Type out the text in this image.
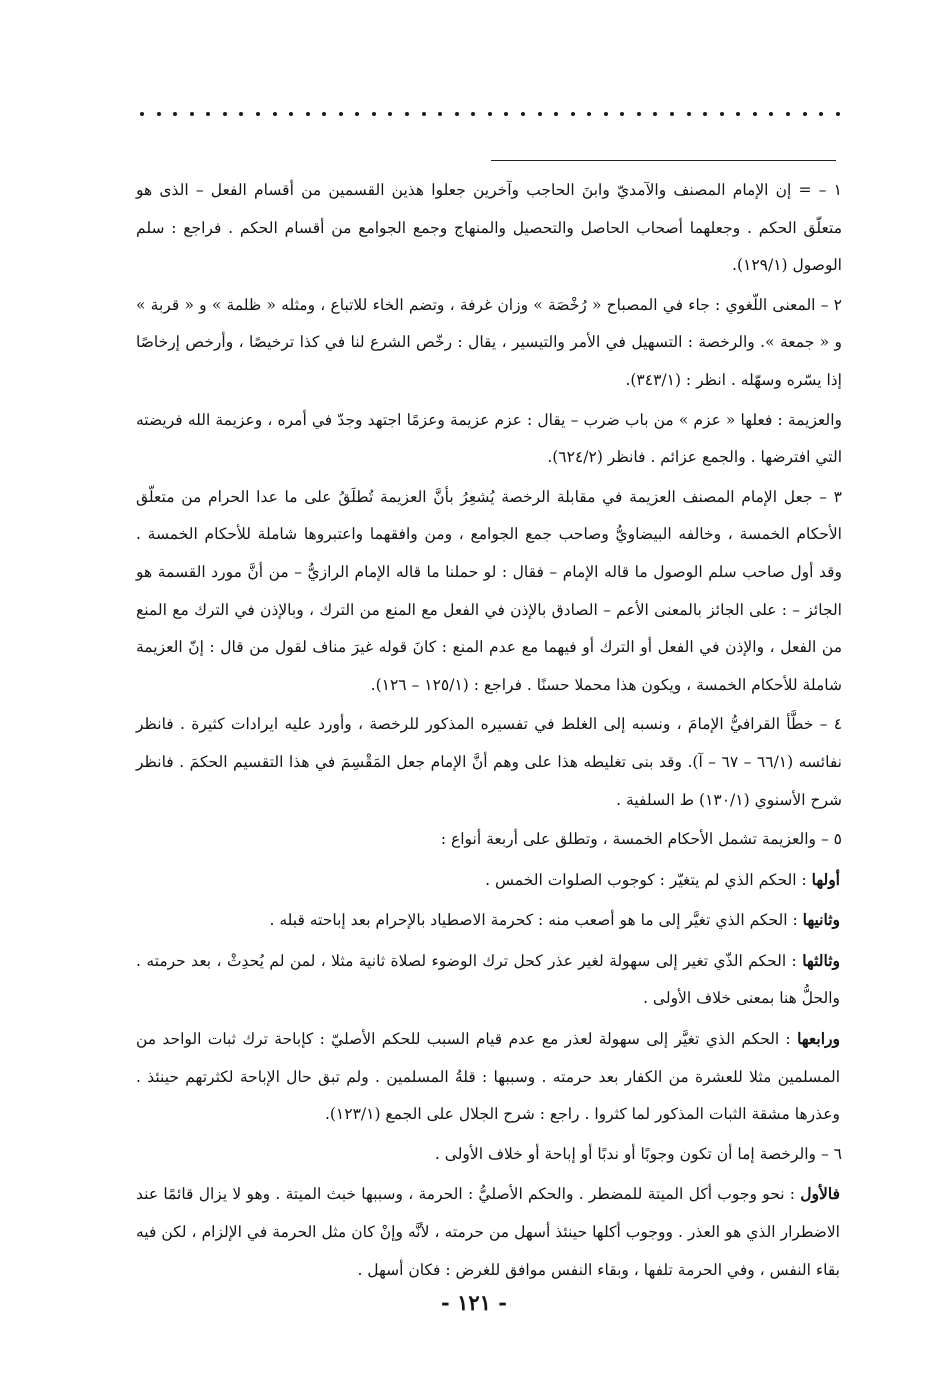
١ – = إن الإمام المصنف والآمديّ وابنَ الحاجب وآخرين جعلوا هذين القسمين من أقسام الفعل – الذى هو متعلّق الحكم . وجعلهما أصحاب الحاصل والتحصيل والمنهاج وجمع الجوامع من أقسام الحكم . فراجع : سلم الوصول (١٢٩/١).

٢ – المعنى اللّغوي : جاء في المصباح « رُخْصَة » وزان غرفة ، وتضم الخاء للاتباع ، ومثله « ظلمة » و « قربة » و « جمعة ». والرخصة : التسهيل في الأمر والتيسير ، يقال : رخّص الشرع لنا في كذا ترخيصًا ، وأرخص إرخاصًا إذا يسّره وسهّله . انظر : (٣٤٣/١).

والعزيمة : فعلها « عزم » من باب ضرب – يقال : عزم عزيمة وعزمًا اجتهد وجدّ في أمره ، وعزيمة الله فريضته التي افترضها . والجمع عزائم . فانظر (٦٢٤/٢).

٣ – جعل الإمام المصنف العزيمة في مقابلة الرخصة يُشعِرُ بأنَّ العزيمة تُطلَقُ على ما عدا الحرام من متعلّق الأحكام الخمسة ، وخالفه البيضاويُّ وصاحب جمع الجوامع ، ومن وافقهما واعتبروها شاملة للأحكام الخمسة . وقد أول صاحب سلم الوصول ما قاله الإمام – فقال : لو حملنا ما قاله الإمام الرازيُّ – من أنَّ مورد القسمة هو الجائز – : على الجائز بالمعنى الأعم – الصادق بالإذن في الفعل مع المنع من الترك ، وبالإذن في الترك مع المنع من الفعل ، والإذن في الفعل أو الترك أو فيهما مع عدم المنع : كانَ قوله غيرَ مناف لقول من قال : إنّ العزيمة شاملة للأحكام الخمسة ، ويكون هذا محملا حسنًا . فراجع : (١٢٥/١ – ١٢٦).

٤ – خطَّأ القرافيُّ الإمامَ ، ونسبه إلى الغلط في تفسيره المذكور للرخصة ، وأورد عليه ايرادات كثيرة . فانظر نفائسه (٦٦/١ – ٦٧ – آ). وقد بنى تغليطه هذا على وهم أنَّ الإمام جعل المَقْسِمَ في هذا التقسيم الحكمَ . فانظر شرح الأسنوي (١٣٠/١) ط السلفية .

٥ – والعزيمة تشمل الأحكام الخمسة ، وتطلق على أربعة أنواع :

أولها : الحكم الذي لم يتغيّر : كوجوب الصلوات الخمس .

وثانيها : الحكم الذي تغيَّر إلى ما هو أصعب منه : كحرمة الاصطياد بالإحرام بعد إباحته قبله .

وثالثها : الحكم الذّي تغير إلى سهولة لغير عذر كحل ترك الوضوء لصلاة ثانية مثلا ، لمن لم يُحدِثْ ، بعد حرمته . والحلُّ هنا بمعنى خلاف الأولى .

ورابعها : الحكم الذي تغيَّر إلى سهولة لعذر مع عدم قيام السبب للحكم الأصليّ : كإباحة ترك ثبات الواحد من المسلمين مثلا للعشرة من الكفار بعد حرمته . وسببها : قلةُ المسلمين . ولم تبق حال الإباحة لكثرتهم حينئذ . وعذرها مشقة الثبات المذكور لما كثروا . راجع : شرح الجلال على الجمع (١٢٣/١).

٦ – والرخصة إما أن تكون وجوبًا أو ندبًا أو إباحة أو خلاف الأولى .

فالأول : نحو وجوب أكل الميتة للمضطر . والحكم الأصليُّ : الحرمة ، وسببها خبث الميتة . وهو لا يزال قائمًا عند الاضطرار الذي هو العذر . ووجوب أكلها حينئذ أسهل من حرمته ، لأنَّه وإنْ كان مثل الحرمة في الإلزام ، لكن فيه بقاء النفس ، وفي الحرمة تلفها ، وبقاء النفس موافق للغرض : فكان أسهل .

- ١٢١ -
